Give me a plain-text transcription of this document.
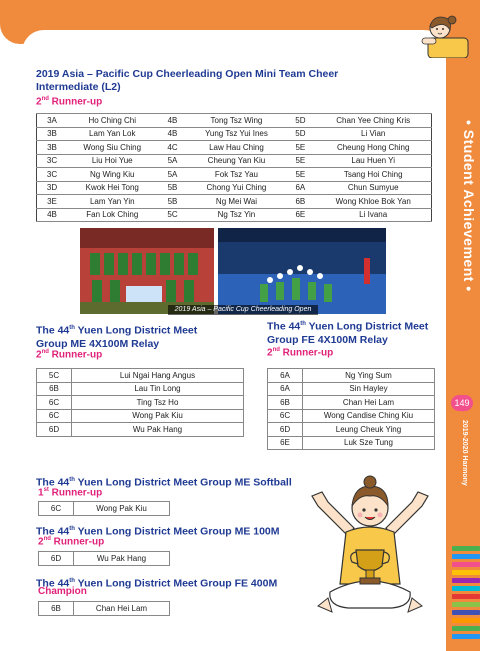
• Student Achievement •
149
2019-2020 Harmony
2019 Asia – Pacific Cup Cheerleading Open Mini Team Cheer
Intermediate (L2)
2nd Runner-up
3A	Ho Ching Chi	4B	Tong Tsz Wing	5D	Chan Yee Ching Kris
3B	Lam Yan Lok	4B	Yung Tsz Yui Ines	5D	Li Vian
3B	Wong Siu Ching	4C	Law Hau Ching	5E	Cheung Hong Ching
3C	Liu Hoi Yue	5A	Cheung Yan Kiu	5E	Lau Huen Yi
3C	Ng Wing Kiu	5A	Fok Tsz Yau	5E	Tsang Hoi Ching
3D	Kwok Hei Tong	5B	Chong Yui Ching	6A	Chun Sumyue
3E	Lam Yan Yin	5B	Ng Mei Wai	6B	Wong Khloe Bok Yan
4B	Fan Lok Ching	5C	Ng Tsz Yin	6E	Li Ivana
2019 Asia – Pacific Cup Cheerleading Open
The 44th Yuen Long District Meet
Group ME 4X100M Relay
2nd Runner-up
5C	Lui Ngai Hang Angus
6B	Lau Tin Long
6C	Ting Tsz Ho
6C	Wong Pak Kiu
6D	Wu Pak Hang
The 44th Yuen Long District Meet
Group FE 4X100M Relay
2nd Runner-up
6A	Ng Ying Sum
6A	Sin Hayley
6B	Chan Hei Lam
6C	Wong Candise Ching Kiu
6D	Leung Cheuk Ying
6E	Luk Sze Tung
The 44th Yuen Long District Meet Group ME Softball
1st Runner-up
6C	Wong Pak Kiu
The 44th Yuen Long District Meet Group ME 100M
2nd Runner-up
6D	Wu Pak Hang
The 44th Yuen Long District Meet Group FE 400M
Champion
6B	Chan Hei Lam
